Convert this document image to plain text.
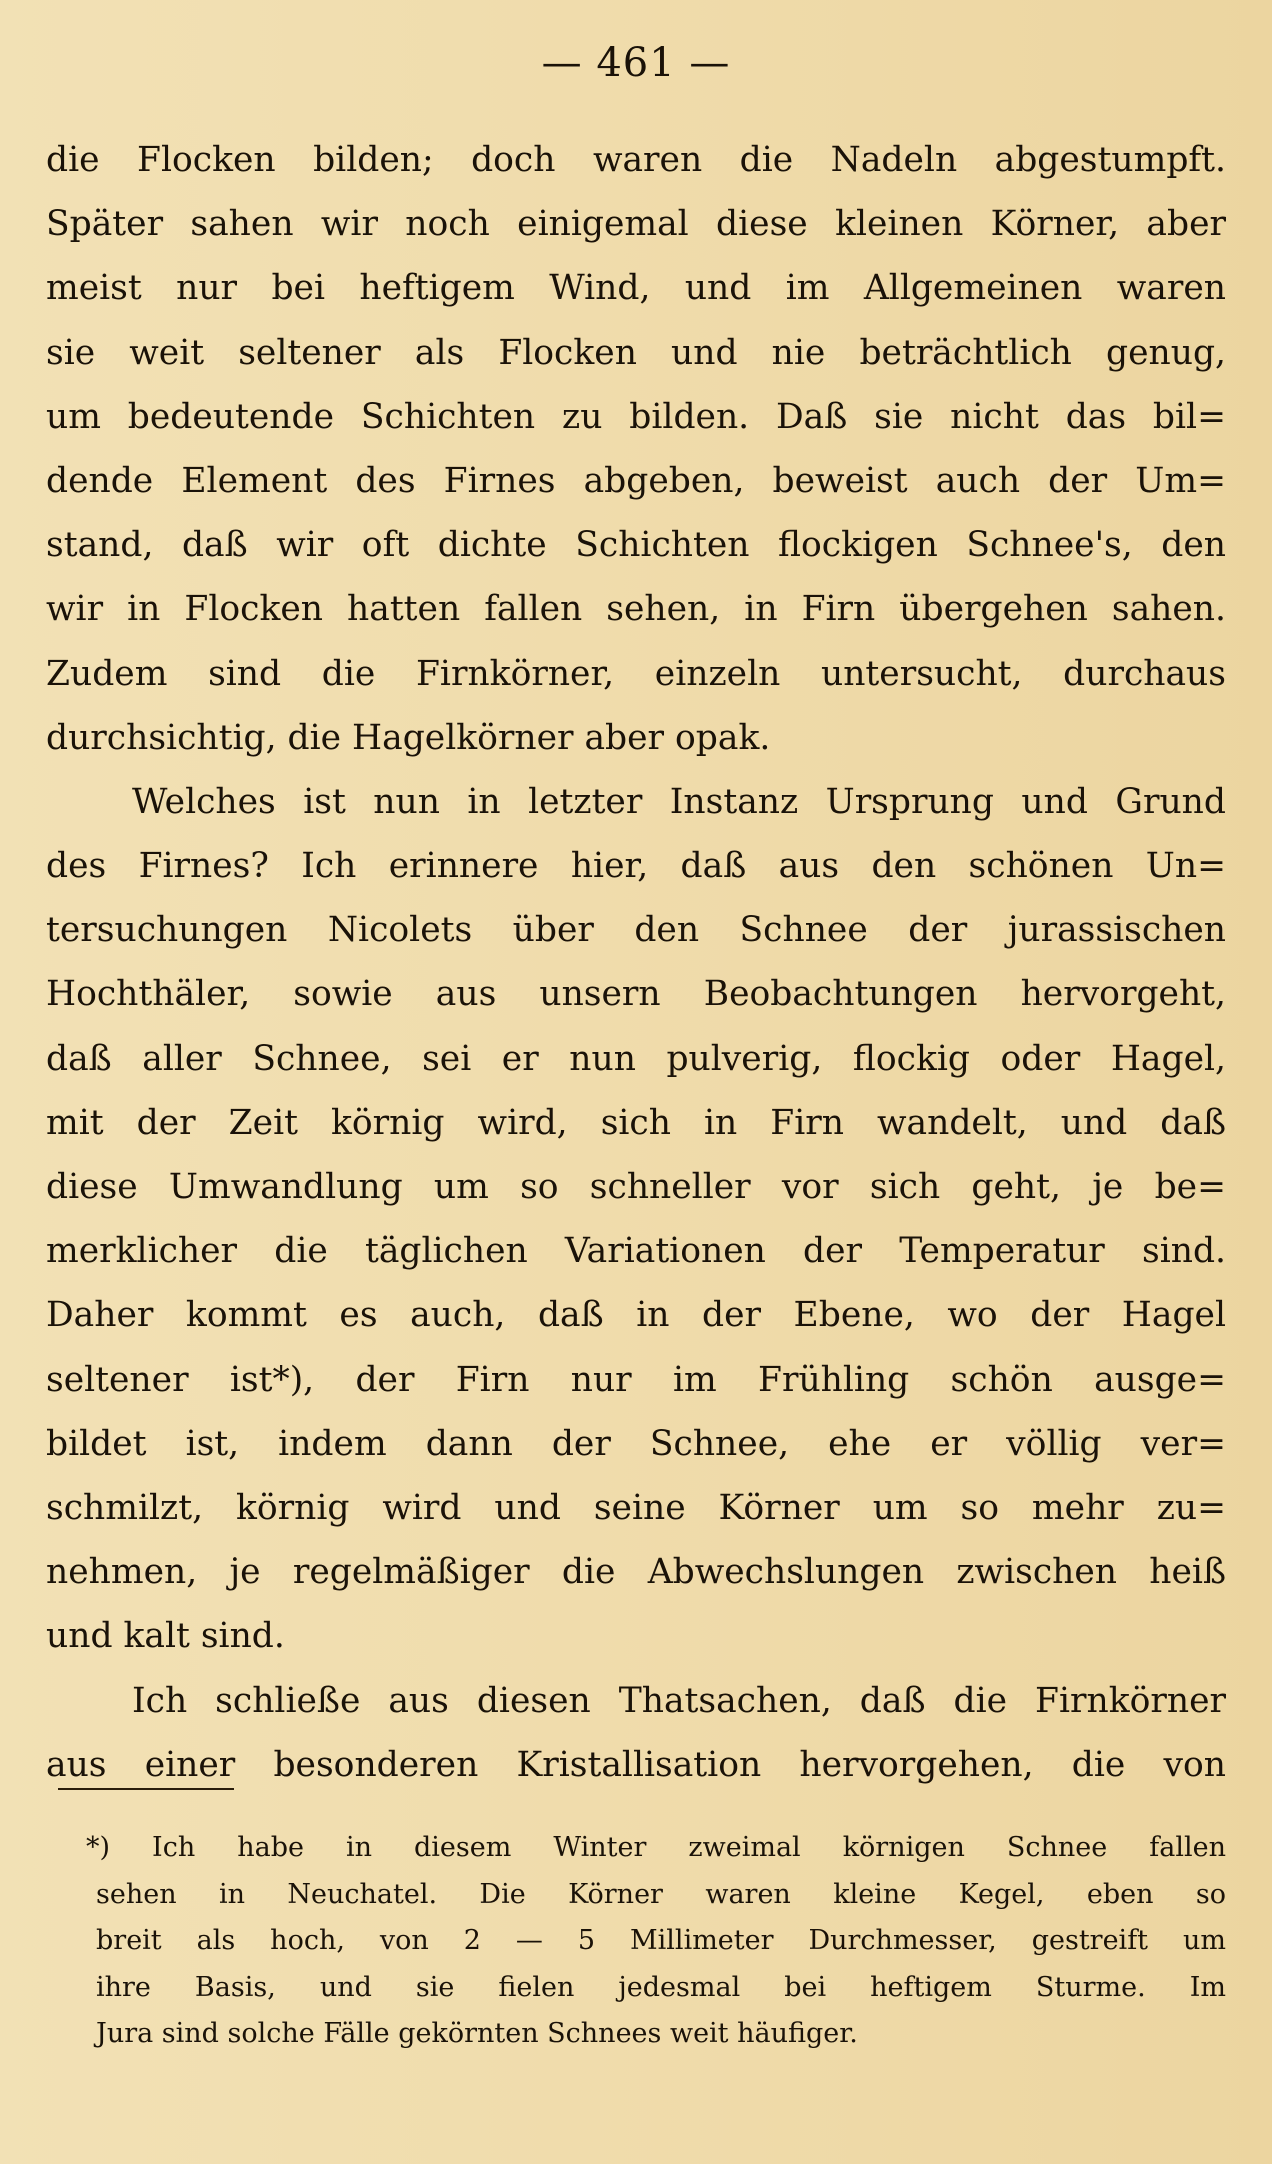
— 461 —
die Flocken bilden; doch waren die Nadeln abgestumpft.
Später sahen wir noch einigemal diese kleinen Körner, aber
meist nur bei heftigem Wind, und im Allgemeinen waren
sie weit seltener als Flocken und nie beträchtlich genug,
um bedeutende Schichten zu bilden. Daß sie nicht das bil=
dende Element des Firnes abgeben, beweist auch der Um=
stand, daß wir oft dichte Schichten flockigen Schnee's, den
wir in Flocken hatten fallen sehen, in Firn übergehen sahen.
Zudem sind die Firnkörner, einzeln untersucht, durchaus
durchsichtig, die Hagelkörner aber opak.
Welches ist nun in letzter Instanz Ursprung und Grund
des Firnes? Ich erinnere hier, daß aus den schönen Un=
tersuchungen Nicolets über den Schnee der jurassischen
Hochthäler, sowie aus unsern Beobachtungen hervorgeht,
daß aller Schnee, sei er nun pulverig, flockig oder Hagel,
mit der Zeit körnig wird, sich in Firn wandelt, und daß
diese Umwandlung um so schneller vor sich geht, je be=
merklicher die täglichen Variationen der Temperatur sind.
Daher kommt es auch, daß in der Ebene, wo der Hagel
seltener ist*), der Firn nur im Frühling schön ausge=
bildet ist, indem dann der Schnee, ehe er völlig ver=
schmilzt, körnig wird und seine Körner um so mehr zu=
nehmen, je regelmäßiger die Abwechslungen zwischen heiß
und kalt sind.
Ich schließe aus diesen Thatsachen, daß die Firnkörner
aus einer besonderen Kristallisation hervorgehen, die von
*) Ich habe in diesem Winter zweimal körnigen Schnee fallen
sehen in Neuchatel. Die Körner waren kleine Kegel, eben so
breit als hoch, von 2 — 5 Millimeter Durchmesser, gestreift um
ihre Basis, und sie fielen jedesmal bei heftigem Sturme. Im
Jura sind solche Fälle gekörnten Schnees weit häufiger.
